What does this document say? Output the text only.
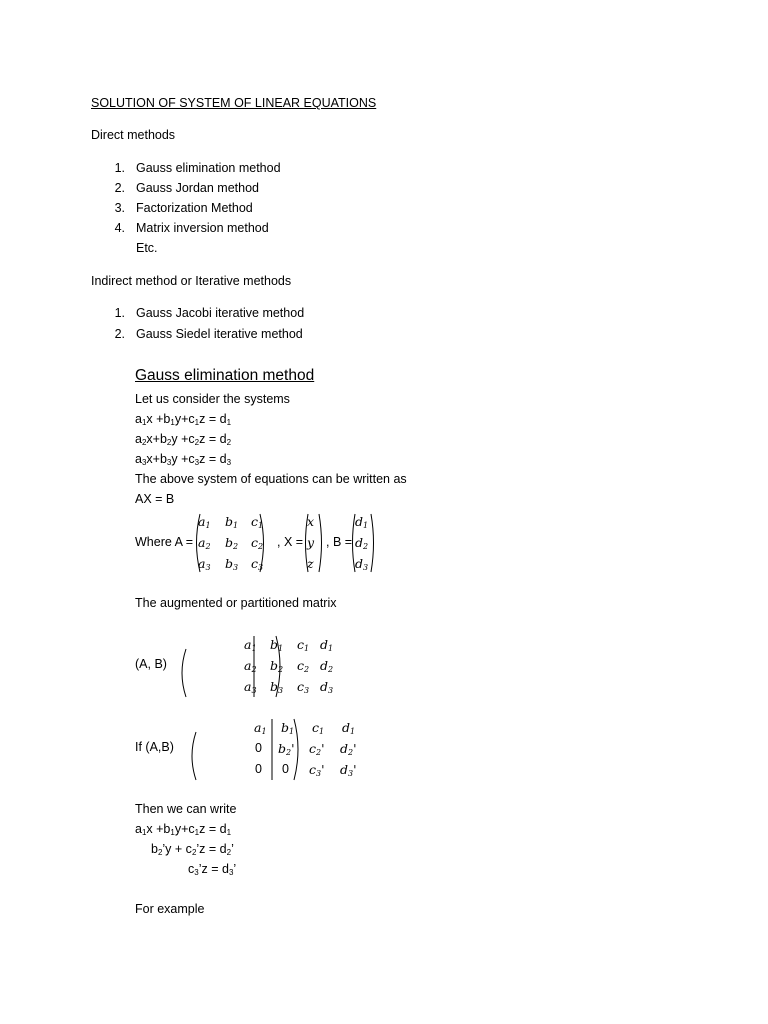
SOLUTION OF SYSTEM OF LINEAR EQUATIONS
Direct methods
1. Gauss elimination method
2. Gauss Jordan method
3. Factorization Method
4. Matrix inversion method
Etc.
Indirect method or Iterative methods
1. Gauss Jacobi iterative method
2. Gauss Siedel iterative method
Gauss elimination method
Let us consider the systems
$a_1x +b_1y+c_1z = d_1$
$a_2x+b_2y +c_2z = d_2$
$a_3x+b_3y +c_3z = d_3$
The above system of equations can be written as
AX = B
Where A =
$a_1$ $b_1$ $c_1$
$a_2$ $b_2$ $c_2$
$a_3$ $b_3$ $c_3$
, X =
x
y
z
, B =
$d_1$
$d_2$
$d_3$
The augmented or partitioned matrix
(A, B)
$a_1$ $b_1$ $c_1$ $d_1$
$a_2$ $b_2$ $c_2$ $d_2$
$a_3$ $b_3$ $c_3$ $d_3$
If (A,B)
$a_1$ $b_1$ $c_1$ $d_1$
0 $b_2'$ $c_2'$ $d_2'$
0 0 $c_3'$ $d_3'$
Then we can write
$a_1x +b_1y+c_1z = d_1$
$b_2’y$ + $c_2’z = d_2$’
$c_3’z = d_3$’
For example
